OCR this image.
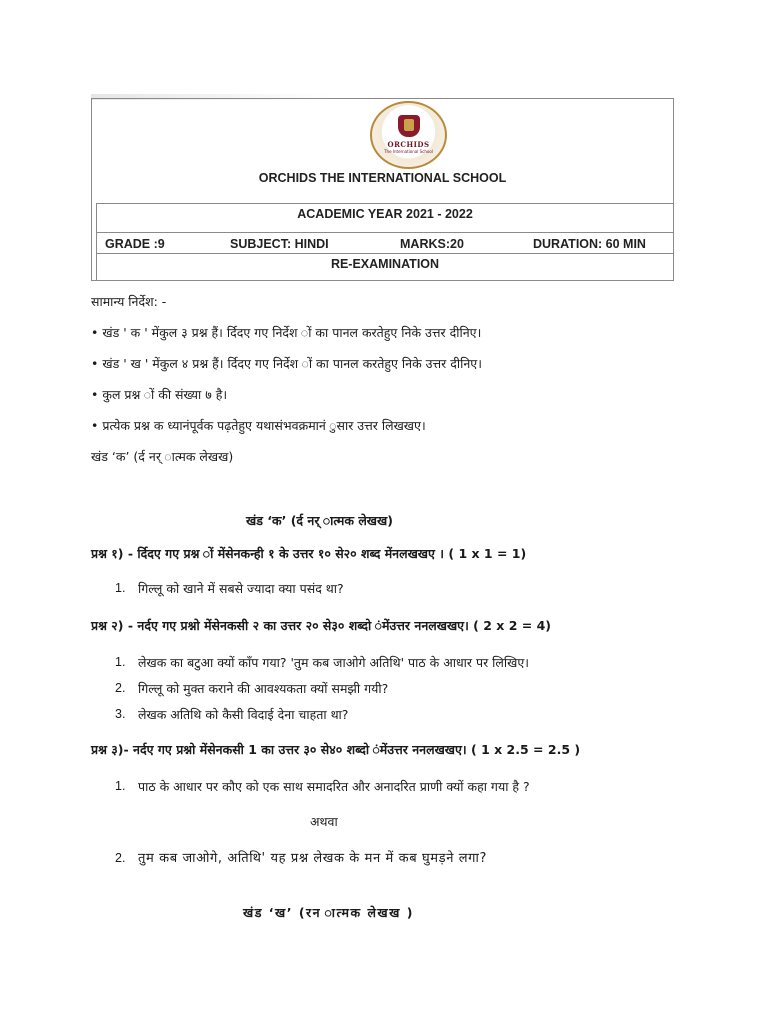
ORCHIDS
The International School
ORCHIDS THE INTERNATIONAL SCHOOL
ACADEMIC YEAR 2021 - 2022
GRADE :9	SUBJECT: HINDI	MARKS:20	DURATION: 60 MIN
RE-EXAMINATION
सामान्य निर्देश: -
• खंड ' क ' मेंकुल ३ प्रश्न हैं। र्दिदए गए निर्देश ों का पानल करतेहुए निके उत्तर दीनिए।
• खंड ' ख ' मेंकुल ४ प्रश्न हैं। र्दिदए गए निर्देश ों का पानल करतेहुए निके उत्तर दीनिए।
• कुल प्रश्न ों की संख्या ७ है।
• प्रत्येक प्रश्न क ध्यानंपूर्वक पढ़तेहुए यथासंभवक्रमानं ुसार उत्तर लिखखए।
खंड ‘क’ (र्द नर् ात्मक लेखख)
खंड ‘क’ (र्द नर् ात्मक लेखख)
प्रश्न १) - र्दिदए गए प्रश्न ों मेंसेनकन्ही १ के उत्तर १० से२० शब्द मेंनलखखए । ( 1 x 1 = 1)
1. गिल्लू को खाने में सबसे ज्यादा क्या पसंद था?
प्रश्न २) - नर्दए गए प्रश्नो मेंसेनकसी २ का उत्तर २० से३० शब्दो ंमेंउत्तर ननलखखए। ( 2 x 2 = 4)
1. लेखक का बटुआ क्यों काँप गया? 'तुम कब जाओगे अतिथि' पाठ के आधार पर लिखिए।
2. गिल्लू को मुक्त कराने की आवश्यकता क्यों समझी गयी?
3. लेखक अतिथि को कैसी विदाई देना चाहता था?
प्रश्न ३)- नर्दए गए प्रश्नो मेंसेनकसी 1 का उत्तर ३० से४० शब्दो ंमेंउत्तर ननलखखए। ( 1 x 2.5 = 2.5 )
1. पाठ के आधार पर कौए को एक साथ समादरित और अनादरित प्राणी क्यों कहा गया है ?
अथवा
2. तुम कब जाओगे, अतिथि' यह प्रश्न लेखक के मन में कब घुमड़ने लगा?
खंड ‘ख’ (रन ात्मक लेखख )
